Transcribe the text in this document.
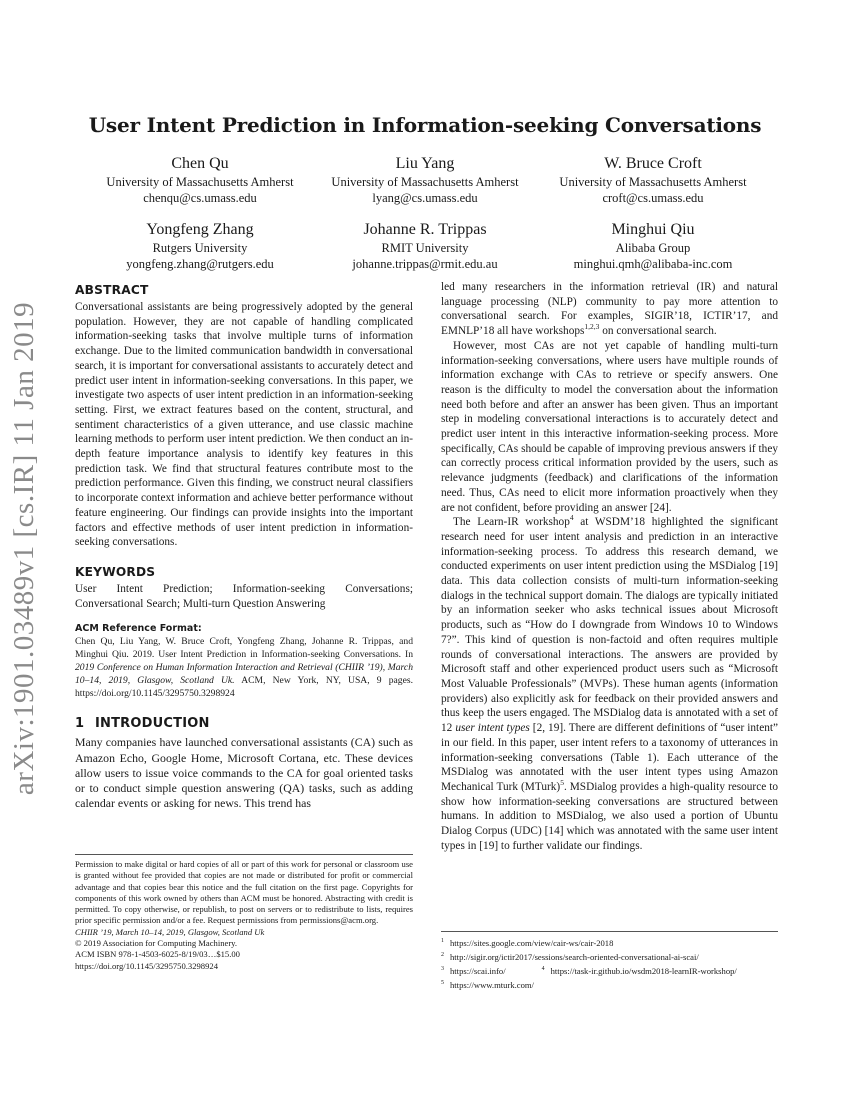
arXiv:1901.03489v1 [cs.IR] 11 Jan 2019
User Intent Prediction in Information-seeking Conversations
Chen Qu
University of Massachusetts Amherst
chenqu@cs.umass.edu
Liu Yang
University of Massachusetts Amherst
lyang@cs.umass.edu
W. Bruce Croft
University of Massachusetts Amherst
croft@cs.umass.edu
Yongfeng Zhang
Rutgers University
yongfeng.zhang@rutgers.edu
Johanne R. Trippas
RMIT University
johanne.trippas@rmit.edu.au
Minghui Qiu
Alibaba Group
minghui.qmh@alibaba-inc.com
ABSTRACT

Conversational assistants are being progressively adopted by the general population. However, they are not capable of handling complicated information-seeking tasks that involve multiple turns of information exchange. Due to the limited communication bandwidth in conversational search, it is important for conversational assistants to accurately detect and predict user intent in information-seeking conversations. In this paper, we investigate two aspects of user intent prediction in an information-seeking setting. First, we extract features based on the content, structural, and sentiment characteristics of a given utterance, and use classic machine learning methods to perform user intent prediction. We then conduct an in-depth feature importance analysis to identify key features in this prediction task. We find that structural features contribute most to the prediction performance. Given this finding, we construct neural classifiers to incorporate context information and achieve better performance without feature engineering. Our findings can provide insights into the important factors and effective methods of user intent prediction in information-seeking conversations.

KEYWORDS

User Intent Prediction; Information-seeking Conversations; Conversational Search; Multi-turn Question Answering

ACM Reference Format:

Chen Qu, Liu Yang, W. Bruce Croft, Yongfeng Zhang, Johanne R. Trippas, and Minghui Qiu. 2019. User Intent Prediction in Information-seeking Conversations. In 2019 Conference on Human Information Interaction and Retrieval (CHIIR ’19), March 10–14, 2019, Glasgow, Scotland Uk. ACM, New York, NY, USA, 9 pages. https://doi.org/10.1145/3295750.3298924

1 INTRODUCTION

Many companies have launched conversational assistants (CA) such as Amazon Echo, Google Home, Microsoft Cortana, etc. These devices allow users to issue voice commands to the CA for goal oriented tasks or to conduct simple question answering (QA) tasks, such as adding calendar events or asking for news. This trend has

Permission to make digital or hard copies of all or part of this work for personal or classroom use is granted without fee provided that copies are not made or distributed for profit or commercial advantage and that copies bear this notice and the full citation on the first page. Copyrights for components of this work owned by others than ACM must be honored. Abstracting with credit is permitted. To copy otherwise, or republish, to post on servers or to redistribute to lists, requires prior specific permission and/or a fee. Request permissions from permissions@acm.org.

CHIIR ’19, March 10–14, 2019, Glasgow, Scotland Uk

© 2019 Association for Computing Machinery.

ACM ISBN 978-1-4503-6025-8/19/03…$15.00

https://doi.org/10.1145/3295750.3298924

led many researchers in the information retrieval (IR) and natural language processing (NLP) community to pay more attention to conversational search. For examples, SIGIR’18, ICTIR’17, and EMNLP’18 all have workshops$^{1,2,3}$ on conversational search.

However, most CAs are not yet capable of handling multi-turn information-seeking conversations, where users have multiple rounds of information exchange with CAs to retrieve or specify answers. One reason is the difficulty to model the conversation about the information need both before and after an answer has been given. Thus an important step in modeling conversational interactions is to accurately detect and predict user intent in this interactive information-seeking process. More specifically, CAs should be capable of improving previous answers if they can correctly process critical information provided by the users, such as relevance judgments (feedback) and clarifications of the information need. Thus, CAs need to elicit more information proactively when they are not confident, before providing an answer [24].

The Learn-IR workshop$^4$ at WSDM’18 highlighted the significant research need for user intent analysis and prediction in an interactive information-seeking process. To address this research demand, we conducted experiments on user intent prediction using the MSDialog [19] data. This data collection consists of multi-turn information-seeking dialogs in the technical support domain. The dialogs are typically initiated by an information seeker who asks technical issues about Microsoft products, such as “How do I downgrade from Windows 10 to Windows 7?”. This kind of question is non-factoid and often requires multiple rounds of conversational interactions. The answers are provided by Microsoft staff and other experienced product users such as “Microsoft Most Valuable Professionals” (MVPs). These human agents (information providers) also explicitly ask for feedback on their provided answers and thus keep the users engaged. The MSDialog data is annotated with a set of 12 user intent types [2, 19]. There are different definitions of “user intent” in our field. In this paper, user intent refers to a taxonomy of utterances in information-seeking conversations (Table 1). Each utterance of the MSDialog was annotated with the user intent types using Amazon Mechanical Turk (MTurk)$^5$. MSDialog provides a high-quality resource to show how information-seeking conversations are structured between humans. In addition to MSDialog, we also used a portion of Ubuntu Dialog Corpus (UDC) [14] which was annotated with the same user intent types in [19] to further validate our findings.

$^1$ https://sites.google.com/view/cair-ws/cair-2018
$^2$ http://sigir.org/ictir2017/sessions/search-oriented-conversational-ai-scai/
$^3$ https://scai.info/	$^4$ https://task-ir.github.io/wsdm2018-learnIR-workshop/
$^5$ https://www.mturk.com/
